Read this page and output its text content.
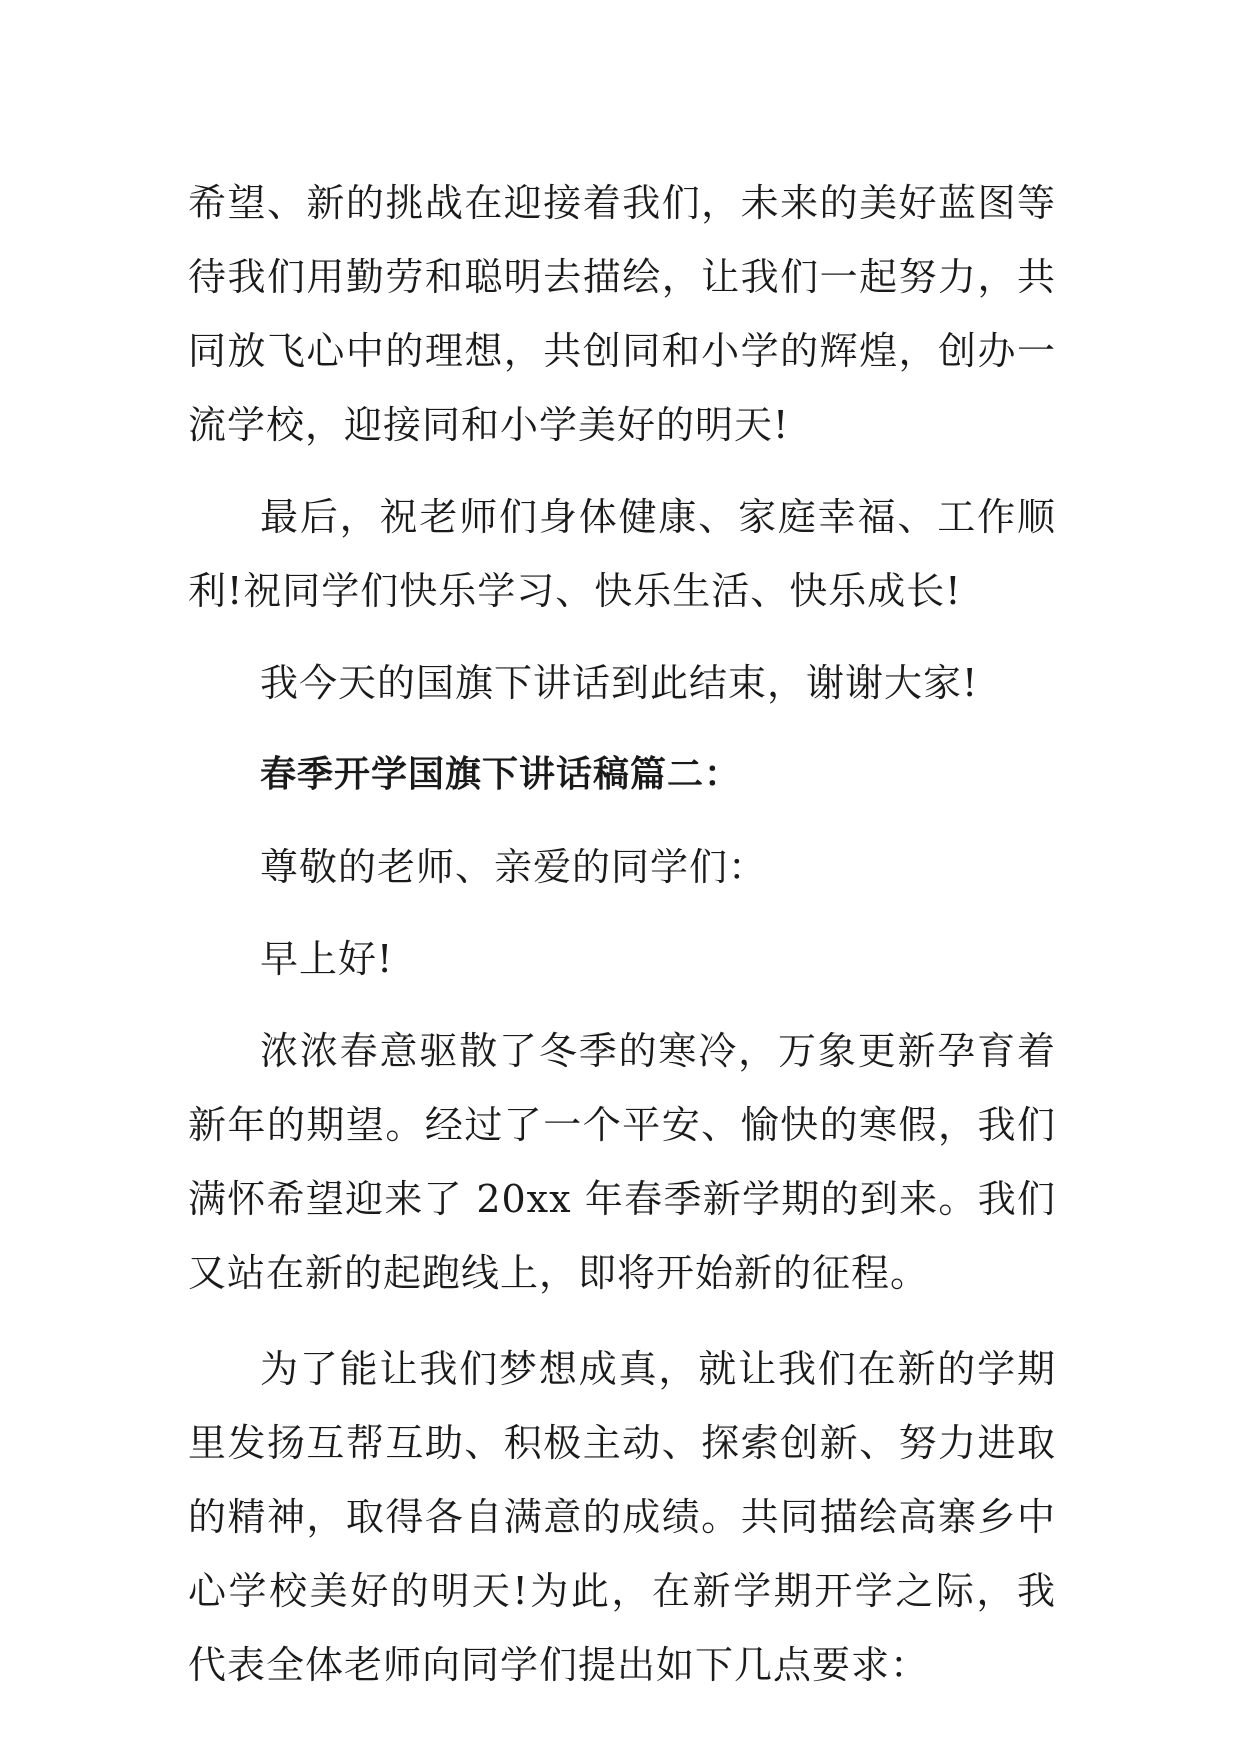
希望、新的挑战在迎接着我们，未来的美好蓝图等待我们用勤劳和聪明去描绘，让我们一起努力，共同放飞心中的理想，共创同和小学的辉煌，创办一流学校，迎接同和小学美好的明天!

最后，祝老师们身体健康、家庭幸福、工作顺利!祝同学们快乐学习、快乐生活、快乐成长!

我今天的国旗下讲话到此结束，谢谢大家!

春季开学国旗下讲话稿篇二：

尊敬的老师、亲爱的同学们：

早上好!

浓浓春意驱散了冬季的寒冷，万象更新孕育着新年的期望。经过了一个平安、愉快的寒假，我们满怀希望迎来了 20xx 年春季新学期的到来。我们又站在新的起跑线上，即将开始新的征程。

为了能让我们梦想成真，就让我们在新的学期里发扬互帮互助、积极主动、探索创新、努力进取的精神，取得各自满意的成绩。共同描绘高寨乡中心学校美好的明天!为此，在新学期开学之际，我代表全体老师向同学们提出如下几点要求：
